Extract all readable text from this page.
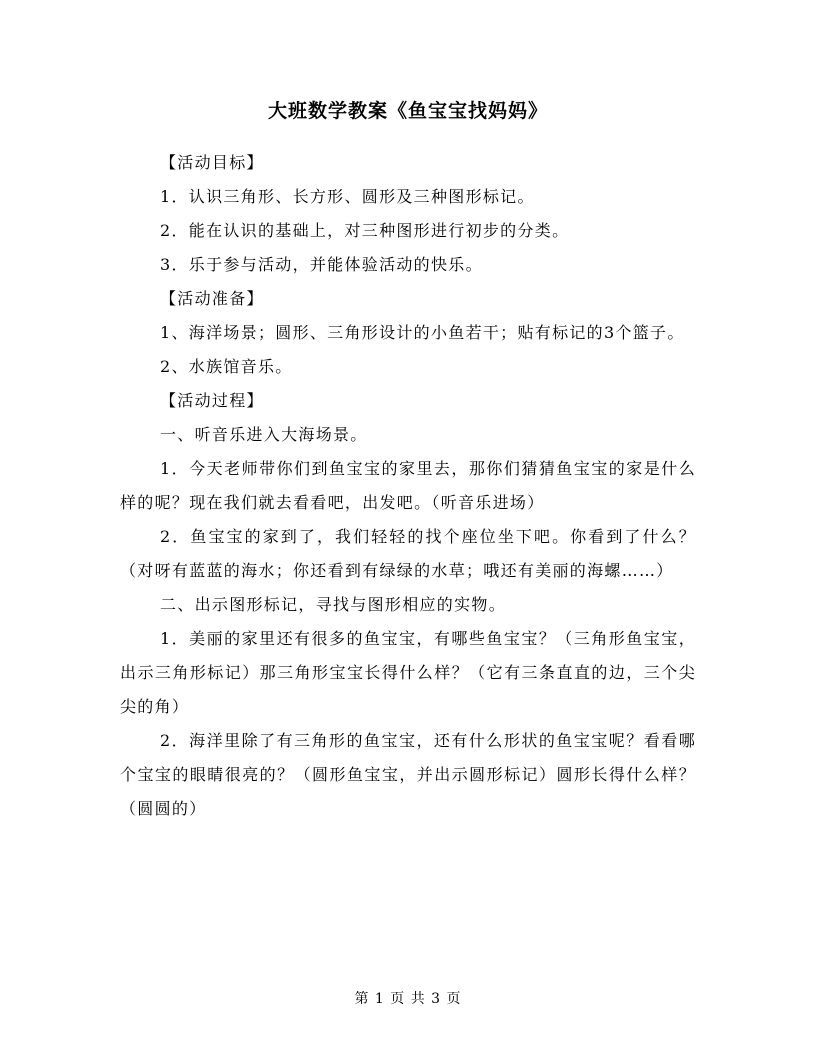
大班数学教案《鱼宝宝找妈妈》

【活动目标】

1．认识三角形、长方形、圆形及三种图形标记。

2．能在认识的基础上，对三种图形进行初步的分类。

3．乐于参与活动，并能体验活动的快乐。

【活动准备】

1、海洋场景；圆形、三角形设计的小鱼若干；贴有标记的3个篮子。

2、水族馆音乐。

【活动过程】

一、听音乐进入大海场景。

1．今天老师带你们到鱼宝宝的家里去，那你们猜猜鱼宝宝的家是什么样的呢？现在我们就去看看吧，出发吧。（听音乐进场）

2．鱼宝宝的家到了，我们轻轻的找个座位坐下吧。你看到了什么？（对呀有蓝蓝的海水；你还看到有绿绿的水草；哦还有美丽的海螺……）

二、出示图形标记，寻找与图形相应的实物。

1．美丽的家里还有很多的鱼宝宝，有哪些鱼宝宝？（三角形鱼宝宝，出示三角形标记）那三角形宝宝长得什么样？（它有三条直直的边，三个尖尖的角）

2．海洋里除了有三角形的鱼宝宝，还有什么形状的鱼宝宝呢？看看哪个宝宝的眼睛很亮的？（圆形鱼宝宝，并出示圆形标记）圆形长得什么样？（圆圆的）

第 1 页 共 3 页
